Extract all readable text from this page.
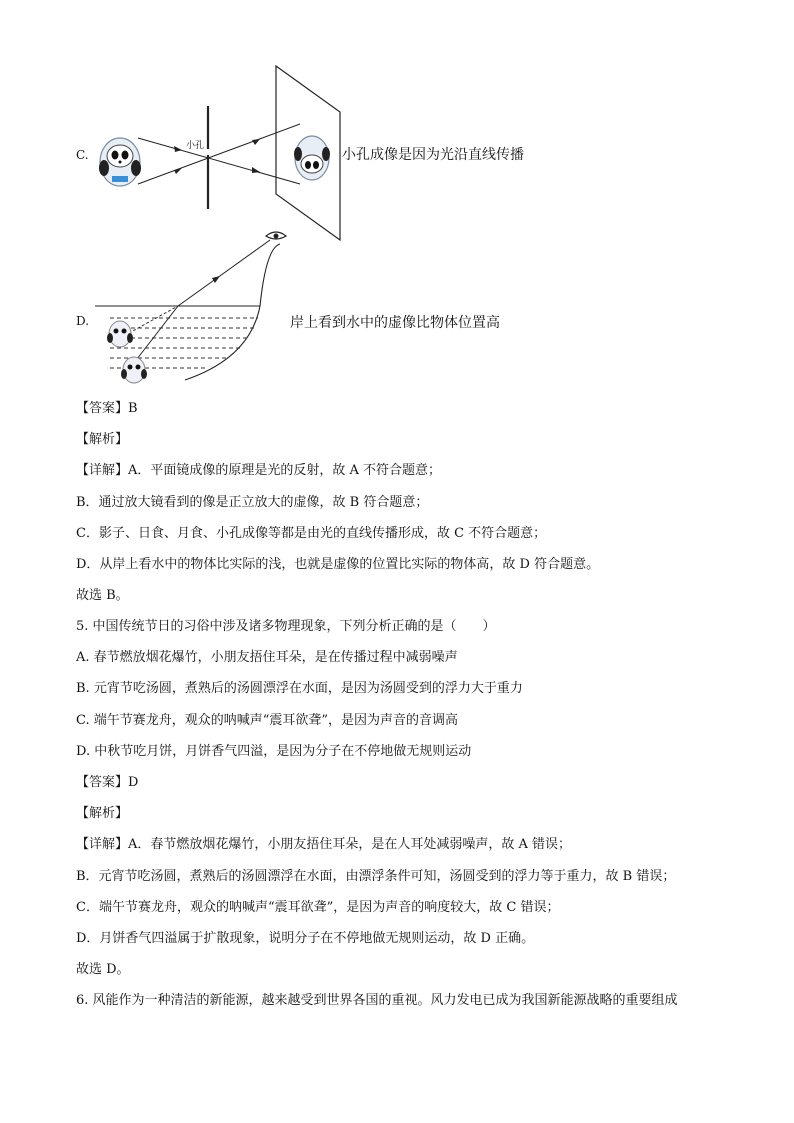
C.
小孔
小孔成像是因为光沿直线传播
D.	岸上看到水中的虚像比物体位置高
【答案】B
【解析】
【详解】A．平面镜成像的原理是光的反射，故 A 不符合题意；
B．通过放大镜看到的像是正立放大的虚像，故 B 符合题意；
C．影子、日食、月食、小孔成像等都是由光的直线传播形成，故 C 不符合题意；
D．从岸上看水中的物体比实际的浅，也就是虚像的位置比实际的物体高，故 D 符合题意。
故选 B。
5. 中国传统节日的习俗中涉及诸多物理现象，下列分析正确的是（　　）
A. 春节燃放烟花爆竹，小朋友捂住耳朵，是在传播过程中减弱噪声
B. 元宵节吃汤圆，煮熟后的汤圆漂浮在水面，是因为汤圆受到的浮力大于重力
C. 端午节赛龙舟，观众的呐喊声“震耳欲聋”，是因为声音的音调高
D. 中秋节吃月饼，月饼香气四溢，是因为分子在不停地做无规则运动
【答案】D
【解析】
【详解】A．春节燃放烟花爆竹，小朋友捂住耳朵，是在人耳处减弱噪声，故 A 错误；
B．元宵节吃汤圆，煮熟后的汤圆漂浮在水面，由漂浮条件可知，汤圆受到的浮力等于重力，故 B 错误；
C．端午节赛龙舟，观众的呐喊声“震耳欲聋”，是因为声音的响度较大，故 C 错误；
D．月饼香气四溢属于扩散现象，说明分子在不停地做无规则运动，故 D 正确。
故选 D。
6. 风能作为一种清洁的新能源，越来越受到世界各国的重视。风力发电已成为我国新能源战略的重要组成
